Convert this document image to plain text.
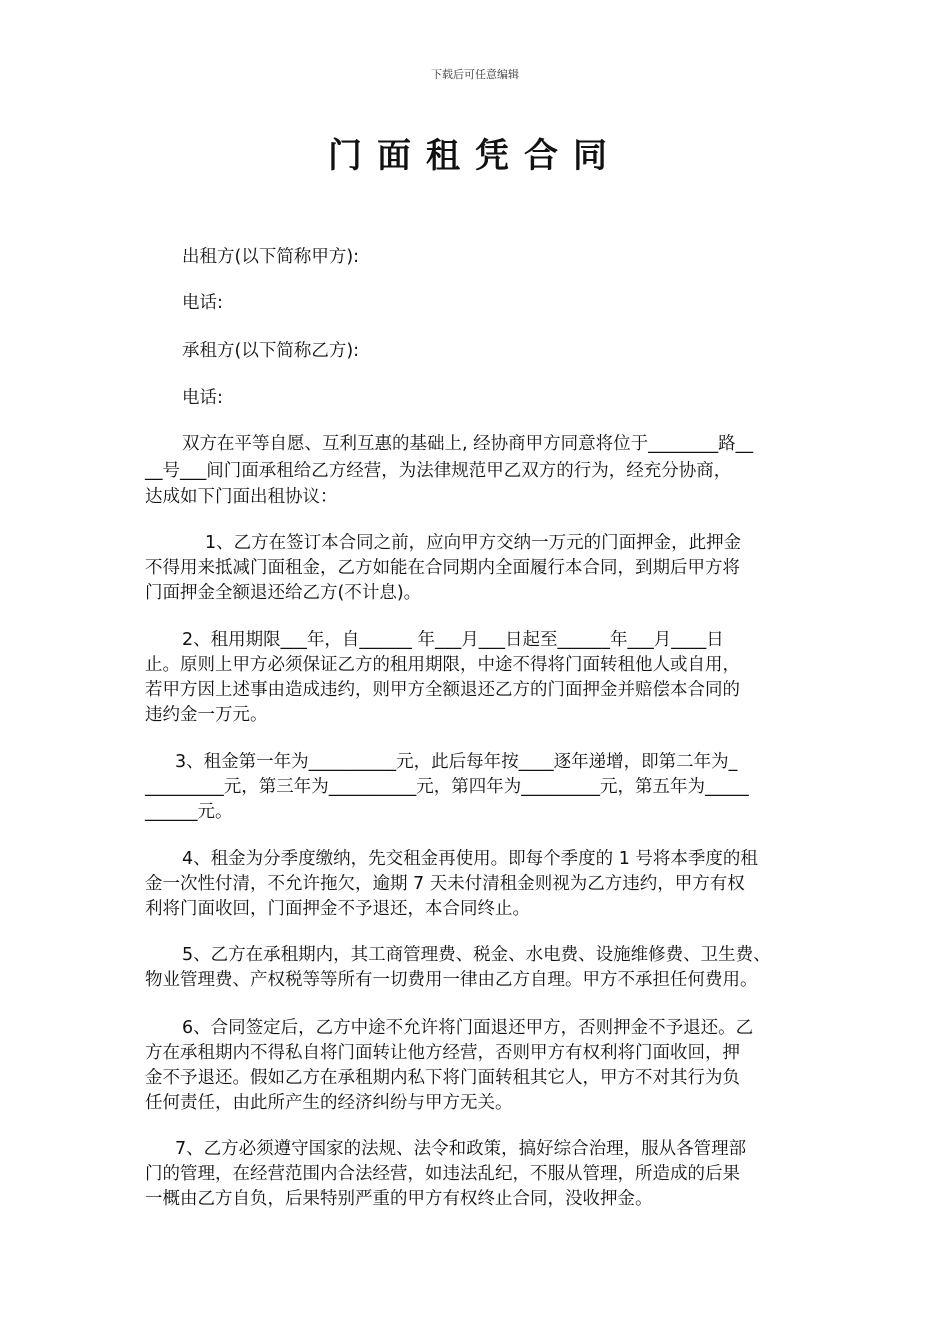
下载后可任意编辑
门面租凭合同
出租方(以下简称甲方):
电话:
承租方(以下简称乙方):
电话:
双方在平等自愿、互利互惠的基础上, 经协商甲方同意将位于________路__
__号___间门面承租给乙方经营，为法律规范甲乙双方的行为，经充分协商，
达成如下门面出租协议：
1、乙方在签订本合同之前，应向甲方交纳一万元的门面押金，此押金
不得用来抵减门面租金，乙方如能在合同期内全面履行本合同，到期后甲方将
门面押金全额退还给乙方(不计息)。
2、租用期限___年，自______ 年___月___日起至______年___月____日
止。原则上甲方必须保证乙方的租用期限，中途不得将门面转租他人或自用，
若甲方因上述事由造成违约，则甲方全额退还乙方的门面押金并赔偿本合同的
违约金一万元。
3、租金第一年为__________元，此后每年按____逐年递增，即第二年为_
_________元，第三年为__________元，第四年为_________元，第五年为_____
______元。
4、租金为分季度缴纳，先交租金再使用。即每个季度的 1 号将本季度的租
金一次性付清，不允许拖欠，逾期 7 天未付清租金则视为乙方违约，甲方有权
利将门面收回，门面押金不予退还，本合同终止。
5、乙方在承租期内，其工商管理费、税金、水电费、设施维修费、卫生费、
物业管理费、产权税等等所有一切费用一律由乙方自理。甲方不承担任何费用。
6、合同签定后，乙方中途不允许将门面退还甲方，否则押金不予退还。乙
方在承租期内不得私自将门面转让他方经营，否则甲方有权利将门面收回，押
金不予退还。假如乙方在承租期内私下将门面转租其它人，甲方不对其行为负
任何责任，由此所产生的经济纠纷与甲方无关。
7、乙方必须遵守国家的法规、法令和政策，搞好综合治理，服从各管理部
门的管理，在经营范围内合法经营，如违法乱纪，不服从管理，所造成的后果
一概由乙方自负，后果特别严重的甲方有权终止合同，没收押金。
